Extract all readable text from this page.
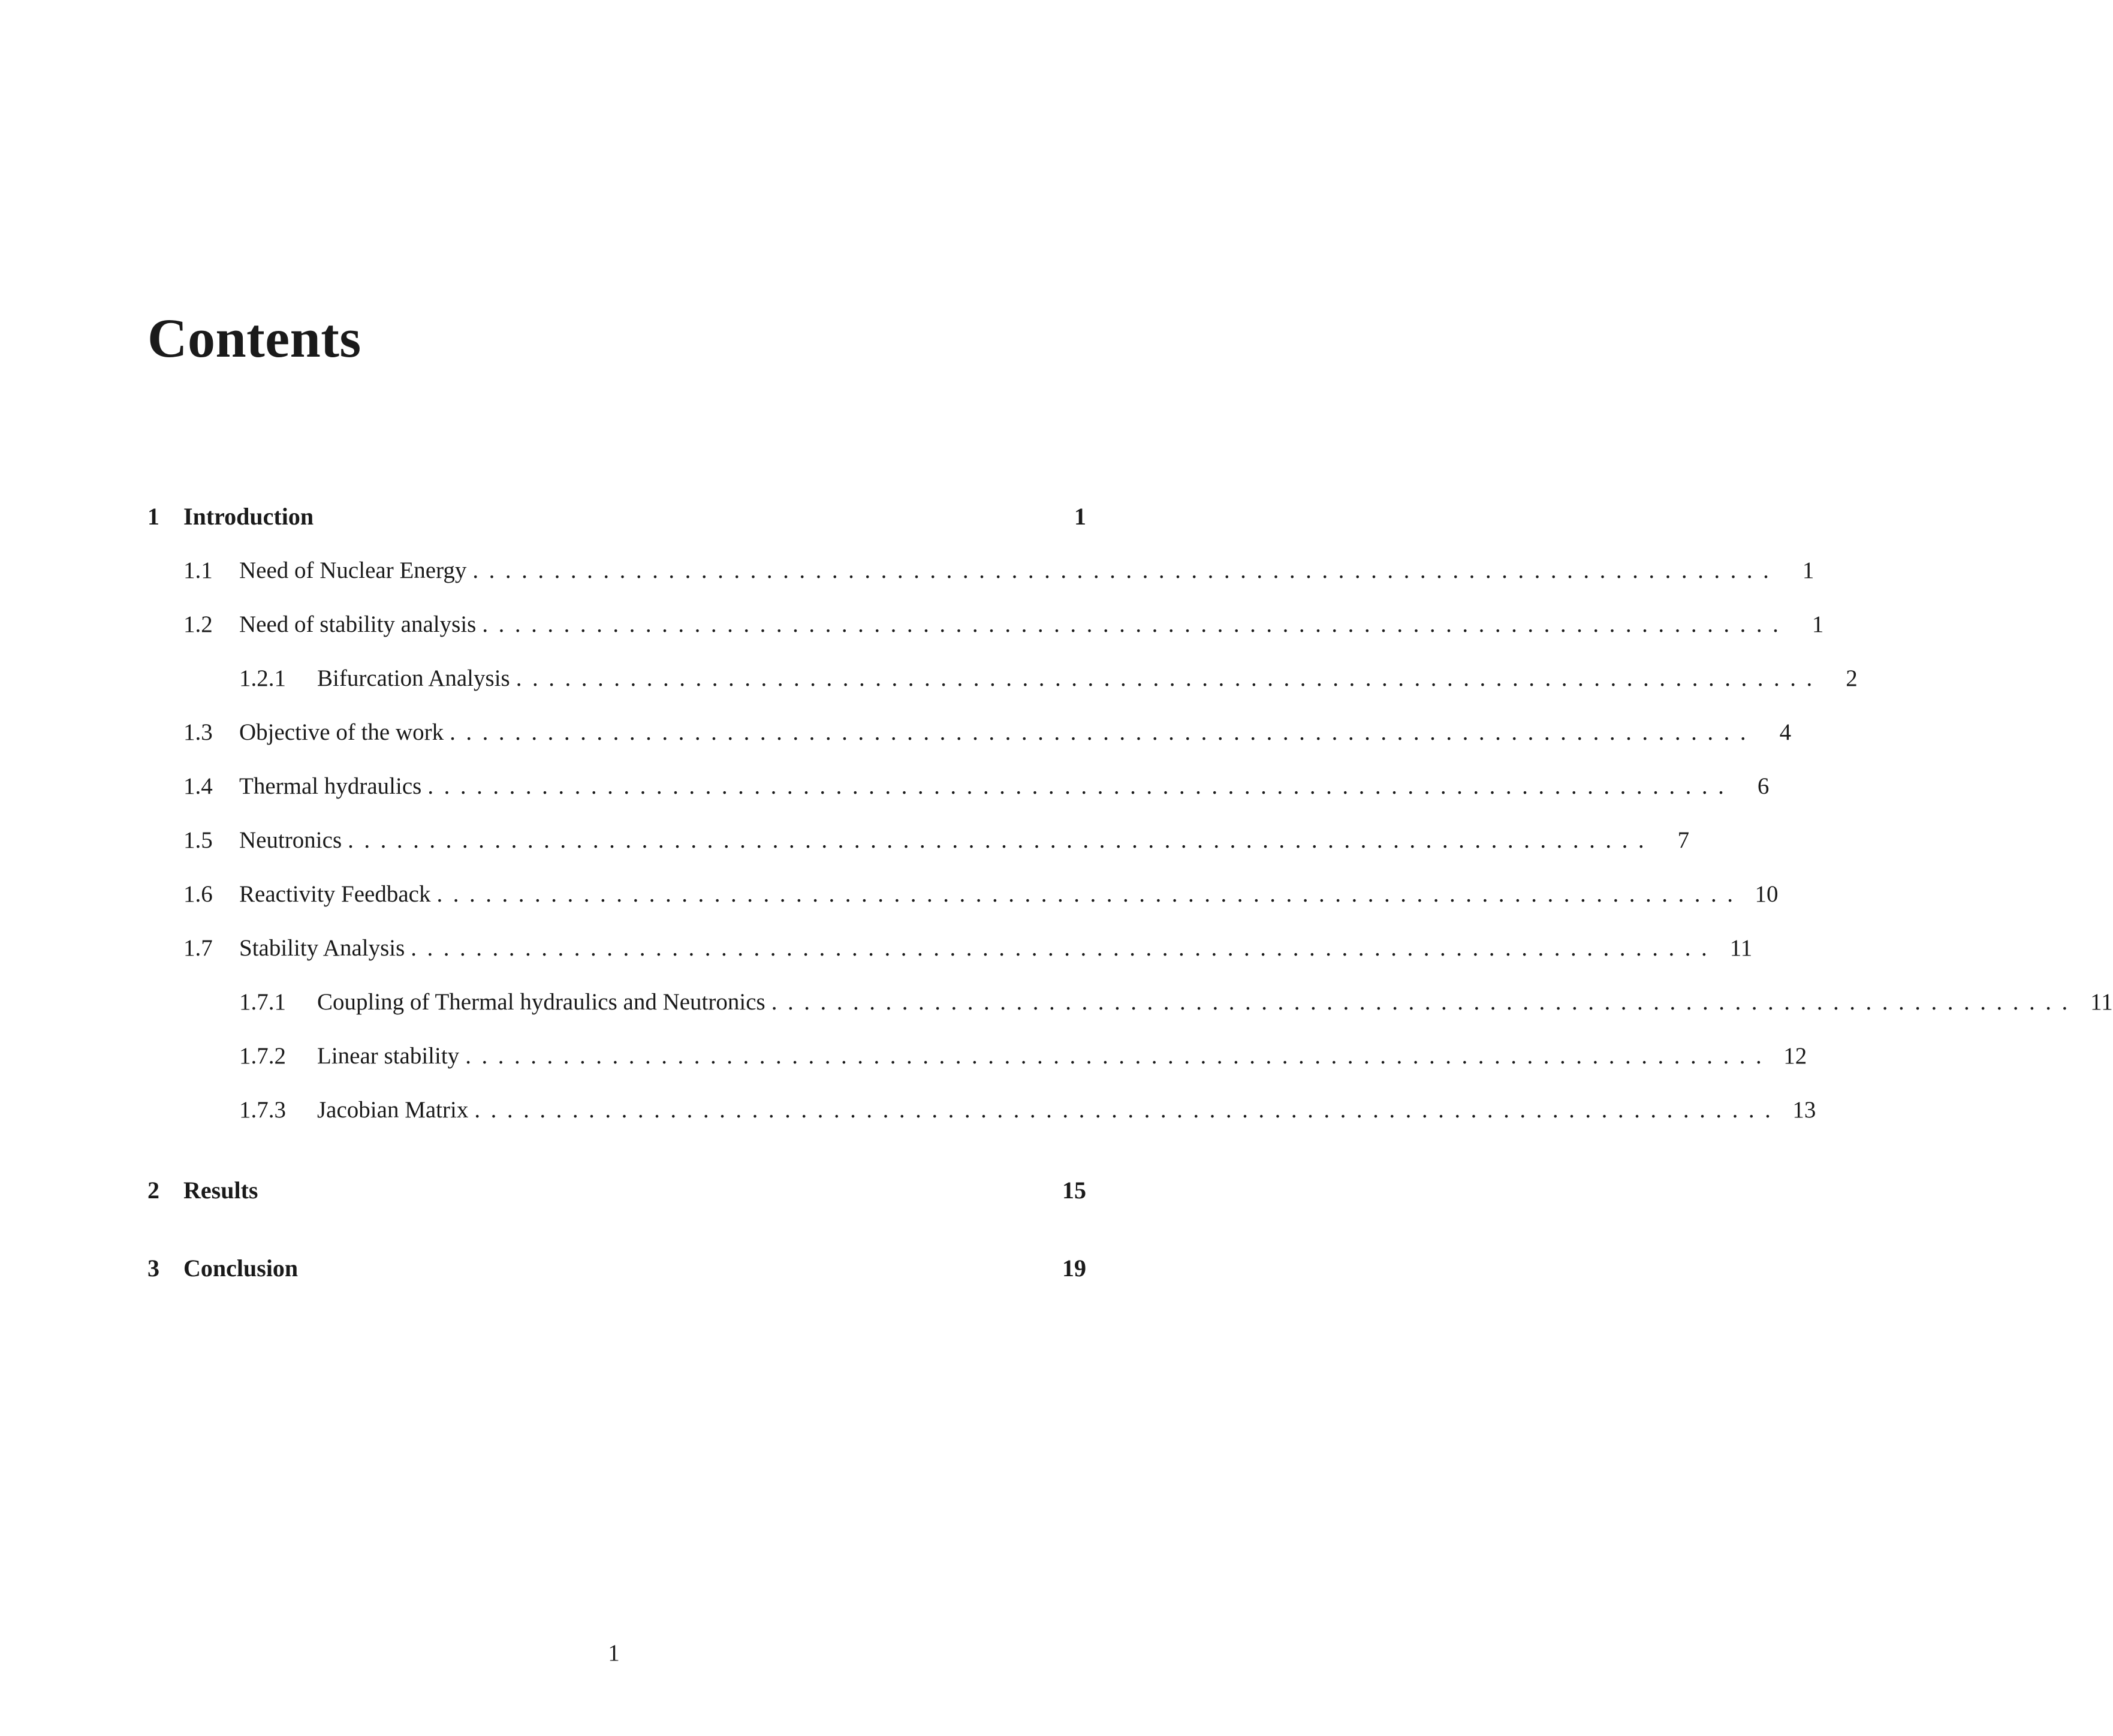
Contents
1	Introduction	1
1.1	Need of Nuclear Energy ................................................................................ 1
1.2	Need of stability analysis ................................................................................ 1
1.2.1	Bifurcation Analysis ................................................................................ 2
1.3	Objective of the work ................................................................................ 4
1.4	Thermal hydraulics ................................................................................ 6
1.5	Neutronics ................................................................................ 7
1.6	Reactivity Feedback ................................................................................ 10
1.7	Stability Analysis ................................................................................ 11
1.7.1	Coupling of Thermal hydraulics and Neutronics ................................................................................ 11
1.7.2	Linear stability ................................................................................ 12
1.7.3	Jacobian Matrix ................................................................................ 13
2	Results	15
3	Conclusion	19
1
